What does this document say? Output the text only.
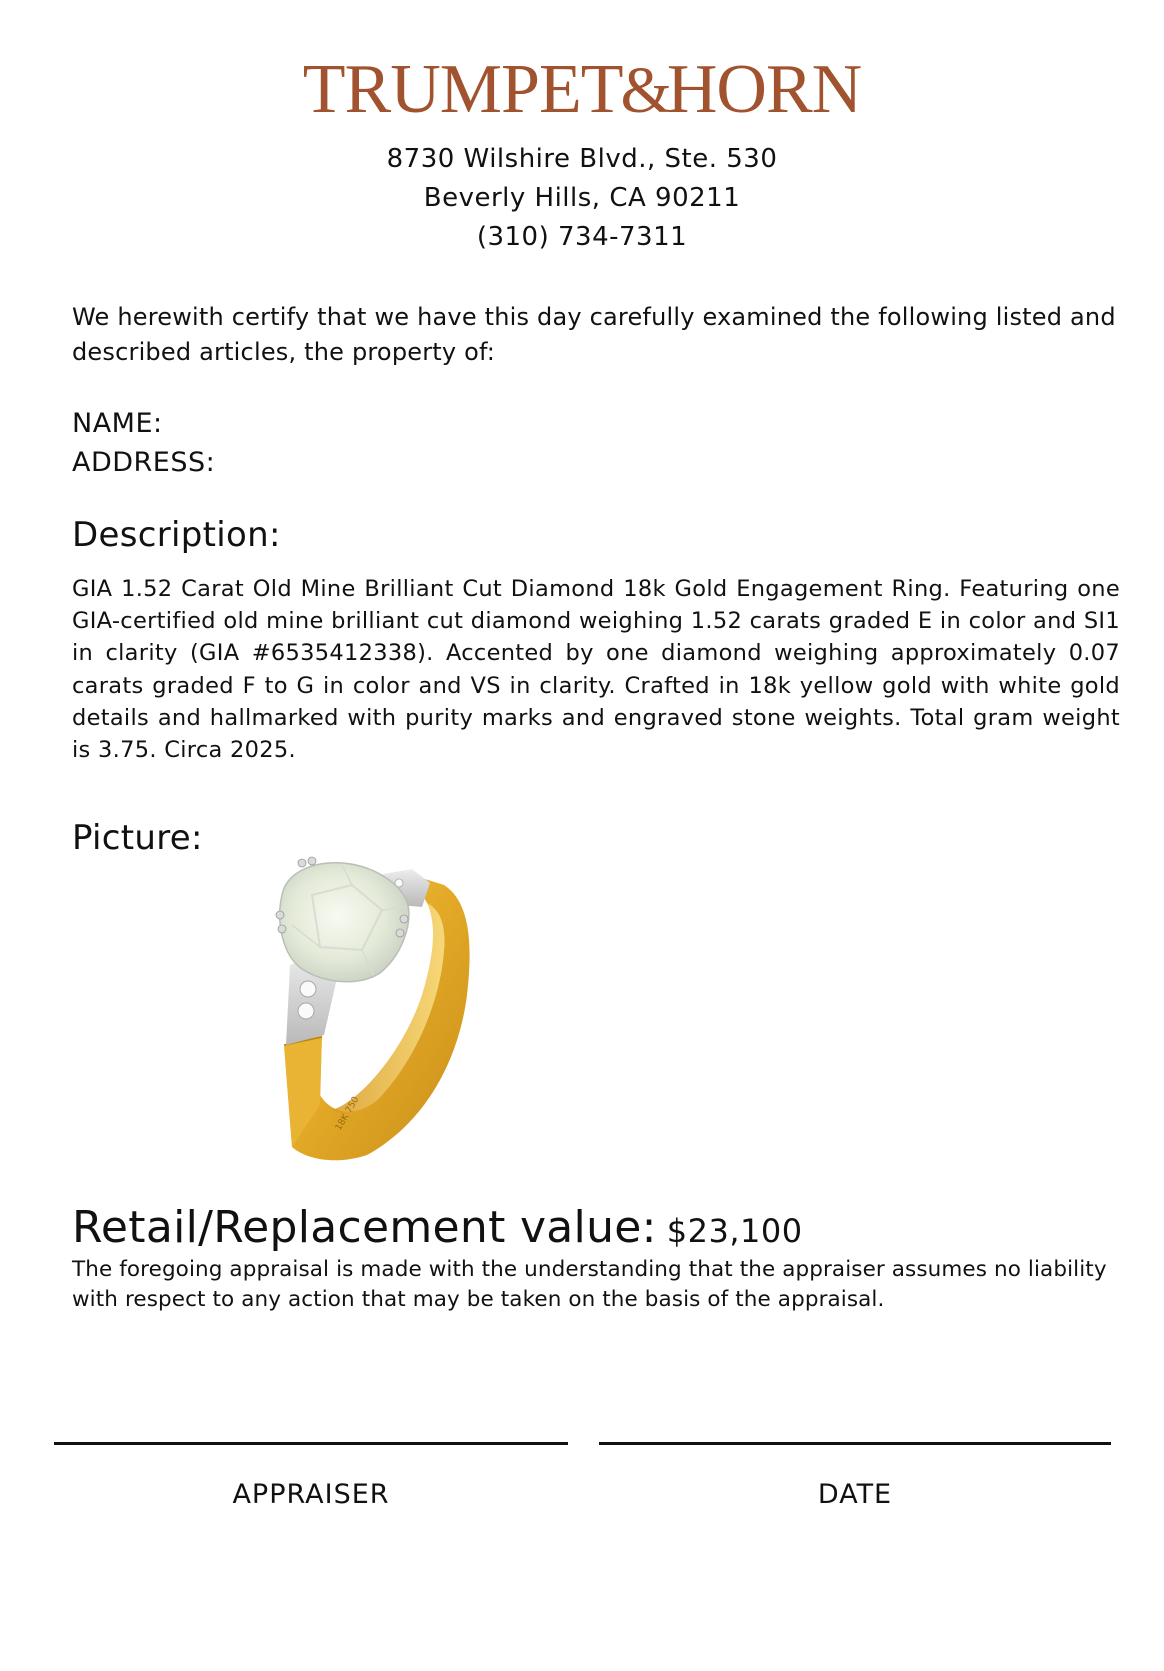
TRUMPET&HORN
8730 Wilshire Blvd., Ste. 530
Beverly Hills, CA 90211
(310) 734-7311
We herewith certify that we have this day carefully examined the following listed and described articles, the property of:
NAME:
ADDRESS:
Description:
GIA 1.52 Carat Old Mine Brilliant Cut Diamond 18k Gold Engagement Ring. Featuring one GIA-certified old mine brilliant cut diamond weighing 1.52 carats graded E in color and SI1 in clarity (GIA #6535412338). Accented by one diamond weighing approximately 0.07 carats graded F to G in color and VS in clarity. Crafted in 18k yellow gold with white gold details and hallmarked with purity marks and engraved stone weights. Total gram weight is 3.75. Circa 2025.
Picture:
18K 750
Retail/Replacement value: $23,100
The foregoing appraisal is made with the understanding that the appraiser assumes no liability with respect to any action that may be taken on the basis of the appraisal.
APPRAISER	DATE
